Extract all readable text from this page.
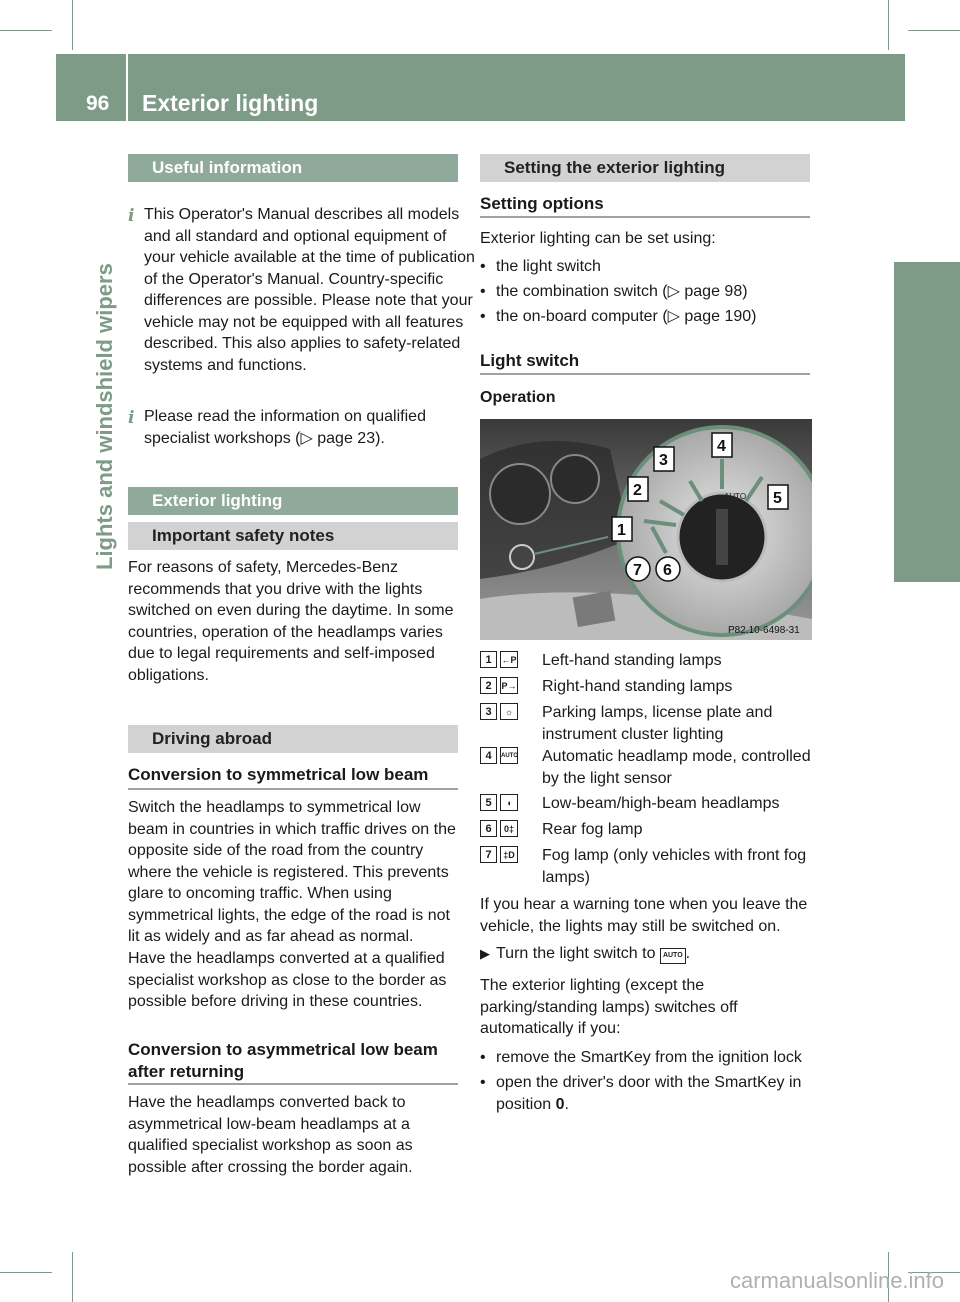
96 Exterior lighting
Lights and windshield wipers
Useful information
i This Operator's Manual describes all models and all standard and optional equipment of your vehicle available at the time of publication of the Operator's Manual. Country-specific differences are possible. Please note that your vehicle may not be equipped with all features described. This also applies to safety-related systems and functions.
i Please read the information on qualified specialist workshops (▷ page 23).
Exterior lighting
Important safety notes
For reasons of safety, Mercedes-Benz recommends that you drive with the lights switched on even during the daytime. In some countries, operation of the headlamps varies due to legal requirements and self-imposed obligations.
Driving abroad
Conversion to symmetrical low beam
Switch the headlamps to symmetrical low beam in countries in which traffic drives on the opposite side of the road from the country where the vehicle is registered. This prevents glare to oncoming traffic. When using symmetrical lights, the edge of the road is not lit as widely and as far ahead as normal.
Have the headlamps converted at a qualified specialist workshop as close to the border as possible before driving in these countries.
Conversion to asymmetrical low beam
after returning
Have the headlamps converted back to asymmetrical low-beam headlamps at a qualified specialist workshop as soon as possible after crossing the border again.
Setting the exterior lighting
Setting options
Exterior lighting can be set using:
• the light switch
• the combination switch (▷ page 98)
• the on-board computer (▷ page 190)
Light switch
Operation
AUTO
1
2
3
4
5
6
7
P82.10-6498-31
1	←P Left-hand standing lamps
2	P→ Right-hand standing lamps
3	☼	Parking lamps, license plate and instrument cluster lighting
4	AUTO Automatic headlamp mode, controlled by the light sensor
5	◖	Low-beam/high-beam headlamps
6	0‡ Rear fog lamp
7	‡D Fog lamp (only vehicles with front fog lamps)
If you hear a warning tone when you leave the vehicle, the lights may still be switched on.
▶ Turn the light switch to AUTO .
The exterior lighting (except the parking/standing lamps) switches off automatically if you:
• remove the SmartKey from the ignition lock
• open the driver's door with the SmartKey in position 0.
carmanualsonline.info
